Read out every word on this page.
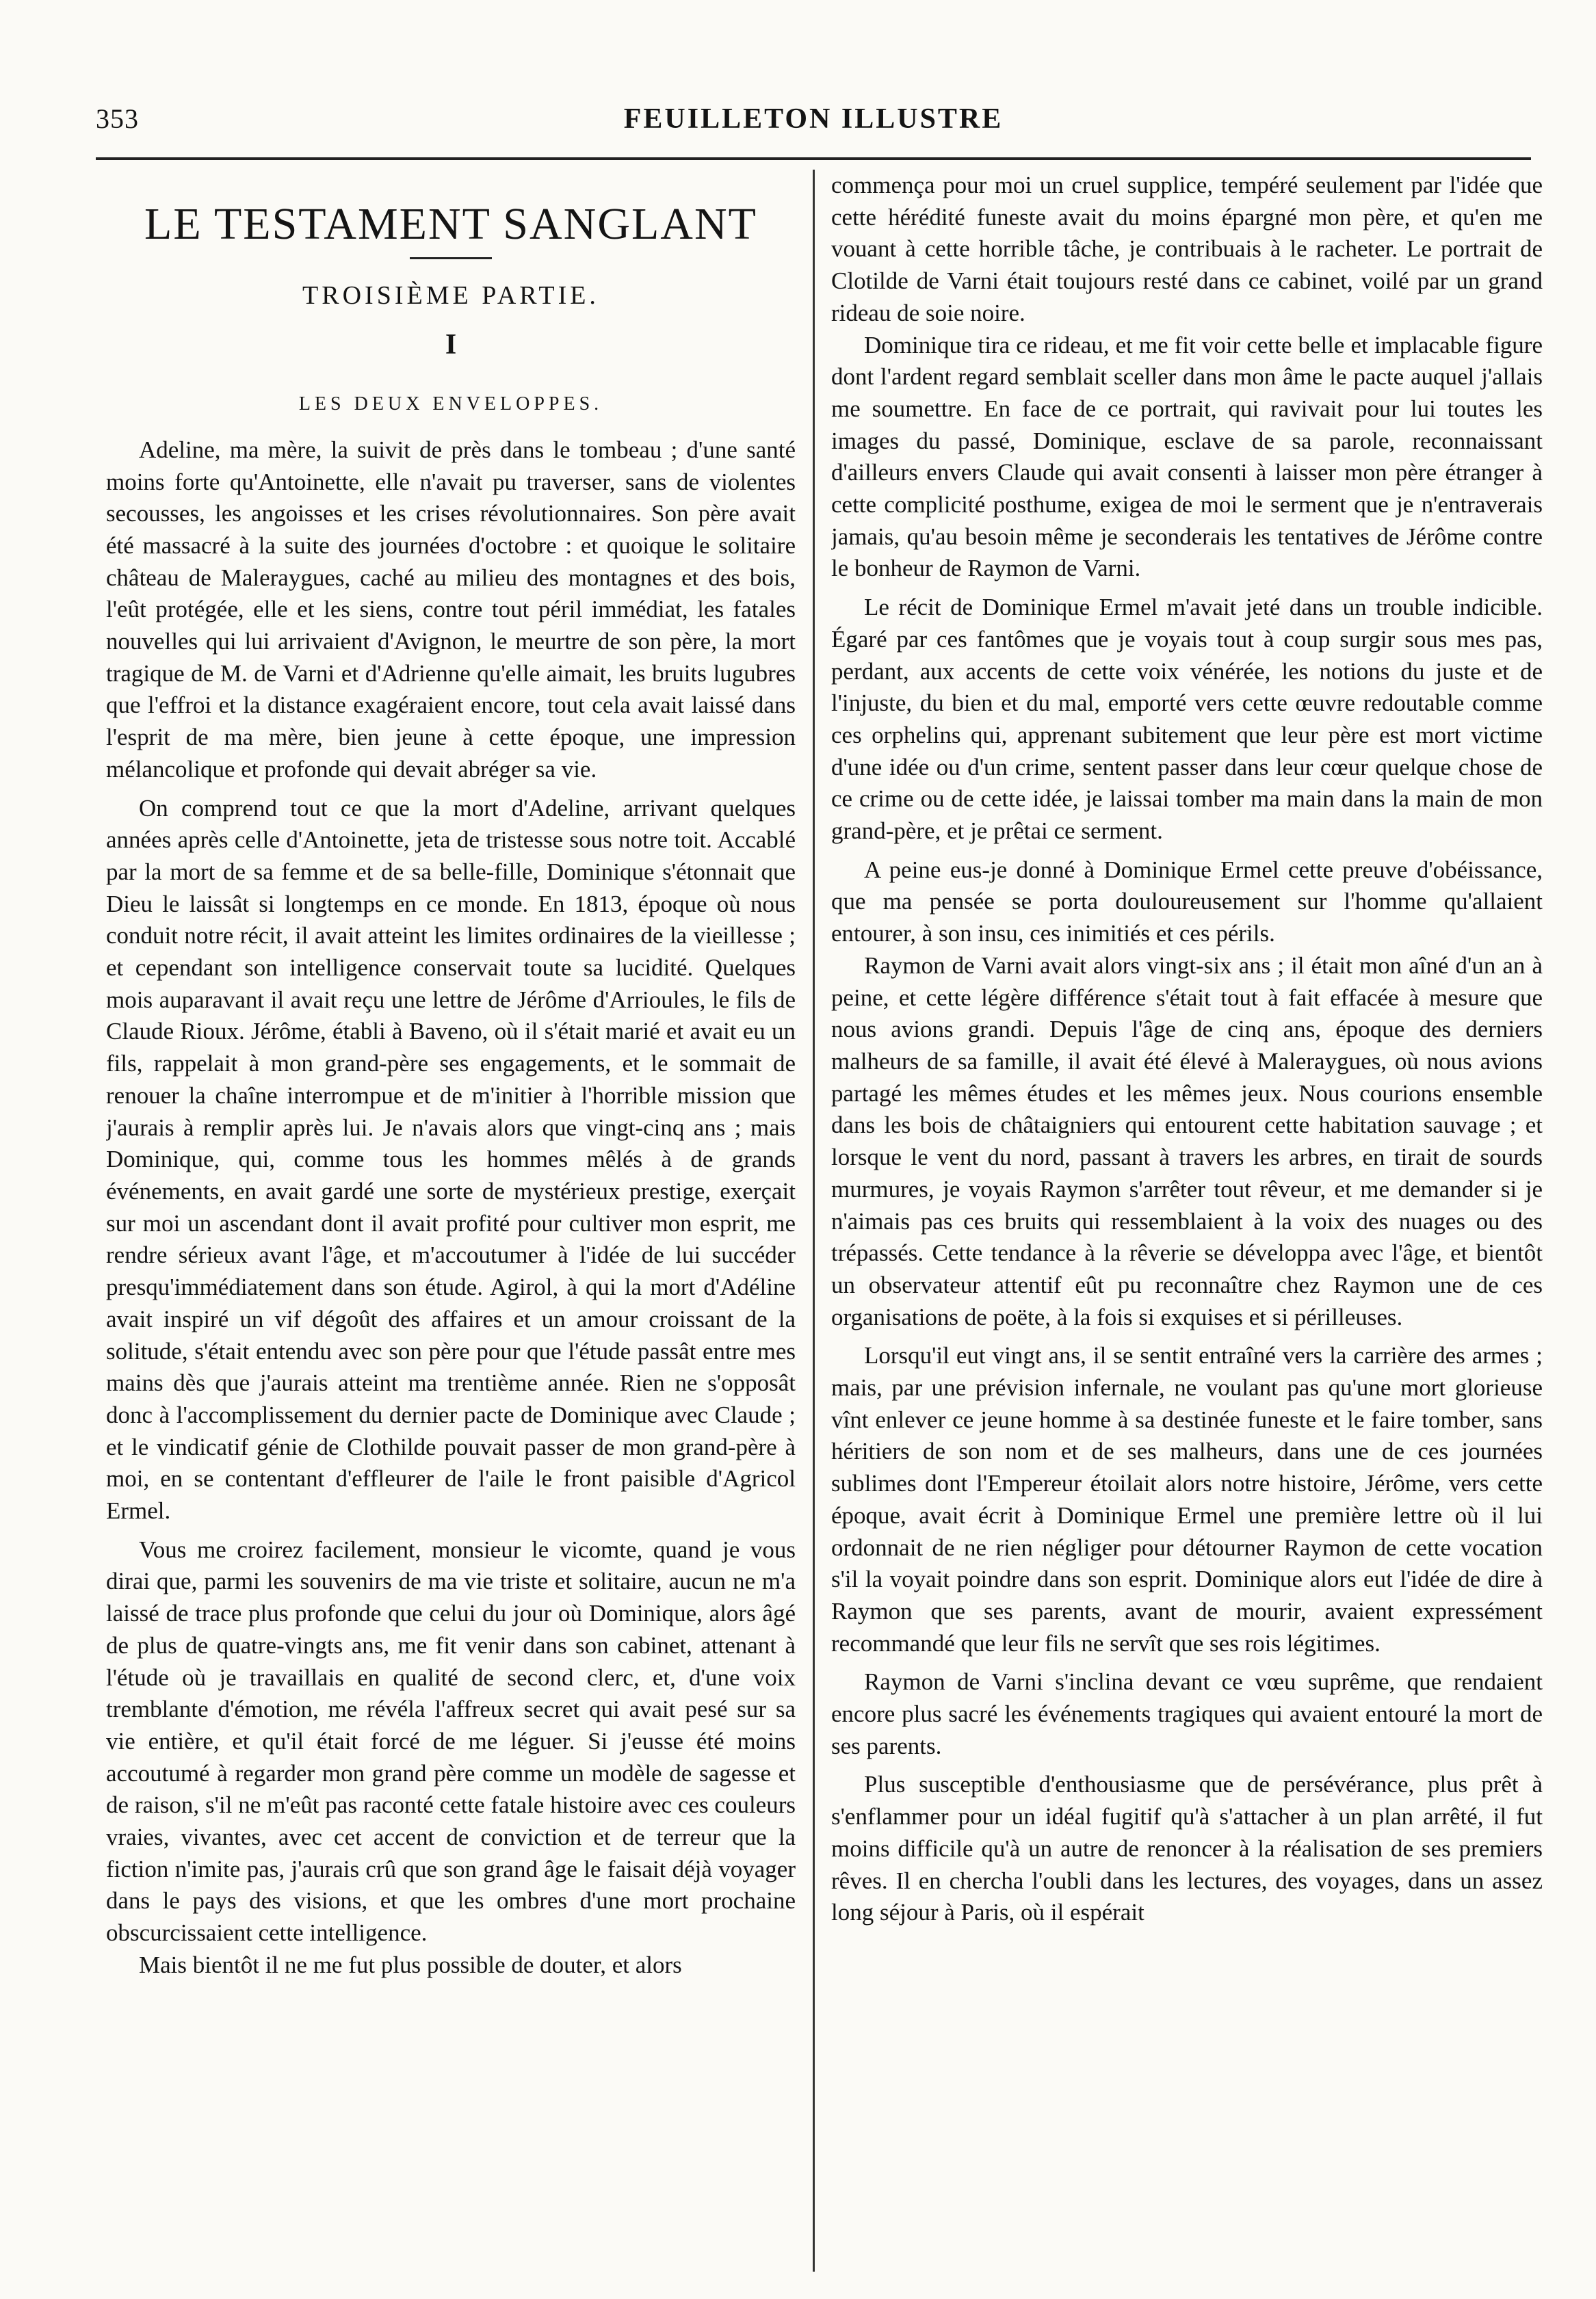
353	FEUILLETON ILLUSTRE
LE TESTAMENT SANGLANT
TROISIÈME PARTIE.
I
LES DEUX ENVELOPPES.

Adeline, ma mère, la suivit de près dans le tombeau ; d'une santé moins forte qu'Antoinette, elle n'avait pu traverser, sans de violentes secousses, les angoisses et les crises révolutionnaires. Son père avait été massacré à la suite des journées d'octobre : et quoique le solitaire château de Maleraygues, caché au milieu des montagnes et des bois, l'eût protégée, elle et les siens, contre tout péril immédiat, les fatales nouvelles qui lui arrivaient d'Avignon, le meurtre de son père, la mort tragique de M. de Varni et d'Adrienne qu'elle aimait, les bruits lugubres que l'effroi et la distance exagéraient encore, tout cela avait laissé dans l'esprit de ma mère, bien jeune à cette époque, une impression mélancolique et profonde qui devait abréger sa vie.

On comprend tout ce que la mort d'Adeline, arrivant quelques années après celle d'Antoinette, jeta de tristesse sous notre toit. Accablé par la mort de sa femme et de sa belle-fille, Dominique s'étonnait que Dieu le laissât si longtemps en ce monde. En 1813, époque où nous conduit notre récit, il avait atteint les limites ordinaires de la vieillesse ; et cependant son intelligence conservait toute sa lucidité. Quelques mois auparavant il avait reçu une lettre de Jérôme d'Arrioules, le fils de Claude Rioux. Jérôme, établi à Baveno, où il s'était marié et avait eu un fils, rappelait à mon grand-père ses engagements, et le sommait de renouer la chaîne interrompue et de m'initier à l'horrible mission que j'aurais à remplir après lui. Je n'avais alors que vingt-cinq ans ; mais Dominique, qui, comme tous les hommes mêlés à de grands événements, en avait gardé une sorte de mystérieux prestige, exerçait sur moi un ascendant dont il avait profité pour cultiver mon esprit, me rendre sérieux avant l'âge, et m'accoutumer à l'idée de lui succéder presqu'immédiatement dans son étude. Agirol, à qui la mort d'Adéline avait inspiré un vif dégoût des affaires et un amour croissant de la solitude, s'était entendu avec son père pour que l'étude passât entre mes mains dès que j'aurais atteint ma trentième année. Rien ne s'opposât donc à l'accomplissement du dernier pacte de Dominique avec Claude ; et le vindicatif génie de Clothilde pouvait passer de mon grand-père à moi, en se contentant d'effleurer de l'aile le front paisible d'Agricol Ermel.

Vous me croirez facilement, monsieur le vicomte, quand je vous dirai que, parmi les souvenirs de ma vie triste et solitaire, aucun ne m'a laissé de trace plus profonde que celui du jour où Dominique, alors âgé de plus de quatre-vingts ans, me fit venir dans son cabinet, attenant à l'étude où je travaillais en qualité de second clerc, et, d'une voix tremblante d'émotion, me révéla l'affreux secret qui avait pesé sur sa vie entière, et qu'il était forcé de me léguer. Si j'eusse été moins accoutumé à regarder mon grand père comme un modèle de sagesse et de raison, s'il ne m'eût pas raconté cette fatale histoire avec ces couleurs vraies, vivantes, avec cet accent de conviction et de terreur que la fiction n'imite pas, j'aurais crû que son grand âge le faisait déjà voyager dans le pays des visions, et que les ombres d'une mort prochaine obscurcissaient cette intelligence.

Mais bientôt il ne me fut plus possible de douter, et alors

commença pour moi un cruel supplice, tempéré seulement par l'idée que cette hérédité funeste avait du moins épargné mon père, et qu'en me vouant à cette horrible tâche, je contribuais à le racheter. Le portrait de Clotilde de Varni était toujours resté dans ce cabinet, voilé par un grand rideau de soie noire.

Dominique tira ce rideau, et me fit voir cette belle et implacable figure dont l'ardent regard semblait sceller dans mon âme le pacte auquel j'allais me soumettre. En face de ce portrait, qui ravivait pour lui toutes les images du passé, Dominique, esclave de sa parole, reconnaissant d'ailleurs envers Claude qui avait consenti à laisser mon père étranger à cette complicité posthume, exigea de moi le serment que je n'entraverais jamais, qu'au besoin même je seconderais les tentatives de Jérôme contre le bonheur de Raymon de Varni.

Le récit de Dominique Ermel m'avait jeté dans un trouble indicible. Égaré par ces fantômes que je voyais tout à coup surgir sous mes pas, perdant, aux accents de cette voix vénérée, les notions du juste et de l'injuste, du bien et du mal, emporté vers cette œuvre redoutable comme ces orphelins qui, apprenant subitement que leur père est mort victime d'une idée ou d'un crime, sentent passer dans leur cœur quelque chose de ce crime ou de cette idée, je laissai tomber ma main dans la main de mon grand-père, et je prêtai ce serment.

A peine eus-je donné à Dominique Ermel cette preuve d'obéissance, que ma pensée se porta douloureusement sur l'homme qu'allaient entourer, à son insu, ces inimitiés et ces périls.

Raymon de Varni avait alors vingt-six ans ; il était mon aîné d'un an à peine, et cette légère différence s'était tout à fait effacée à mesure que nous avions grandi. Depuis l'âge de cinq ans, époque des derniers malheurs de sa famille, il avait été élevé à Maleraygues, où nous avions partagé les mêmes études et les mêmes jeux. Nous courions ensemble dans les bois de châtaigniers qui entourent cette habitation sauvage ; et lorsque le vent du nord, passant à travers les arbres, en tirait de sourds murmures, je voyais Raymon s'arrêter tout rêveur, et me demander si je n'aimais pas ces bruits qui ressemblaient à la voix des nuages ou des trépassés. Cette tendance à la rêverie se développa avec l'âge, et bientôt un observateur attentif eût pu reconnaître chez Raymon une de ces organisations de poëte, à la fois si exquises et si périlleuses.

Lorsqu'il eut vingt ans, il se sentit entraîné vers la carrière des armes ; mais, par une prévision infernale, ne voulant pas qu'une mort glorieuse vînt enlever ce jeune homme à sa destinée funeste et le faire tomber, sans héritiers de son nom et de ses malheurs, dans une de ces journées sublimes dont l'Empereur étoilait alors notre histoire, Jérôme, vers cette époque, avait écrit à Dominique Ermel une première lettre où il lui ordonnait de ne rien négliger pour détourner Raymon de cette vocation s'il la voyait poindre dans son esprit. Dominique alors eut l'idée de dire à Raymon que ses parents, avant de mourir, avaient expressément recommandé que leur fils ne servît que ses rois légitimes.

Raymon de Varni s'inclina devant ce vœu suprême, que rendaient encore plus sacré les événements tragiques qui avaient entouré la mort de ses parents.

Plus susceptible d'enthousiasme que de persévérance, plus prêt à s'enflammer pour un idéal fugitif qu'à s'attacher à un plan arrêté, il fut moins difficile qu'à un autre de renoncer à la réalisation de ses premiers rêves. Il en chercha l'oubli dans les lectures, des voyages, dans un assez long séjour à Paris, où il espérait
